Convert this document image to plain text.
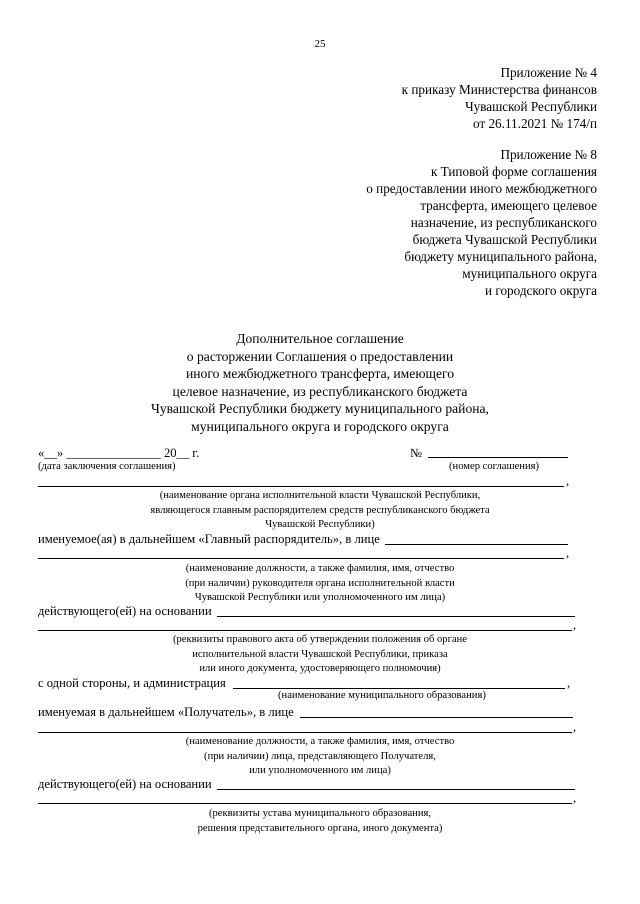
25
Приложение № 4
к приказу Министерства финансов
Чувашской Республики
от 26.11.2021 № 174/п
Приложение № 8
к Типовой форме соглашения
о предоставлении иного межбюджетного
трансферта, имеющего целевое
назначение, из республиканского
бюджета Чувашской Республики
бюджету муниципального района,
муниципального округа
и городского округа
Дополнительное соглашение
о расторжении Соглашения о предоставлении
иного межбюджетного трансферта, имеющего
целевое назначение, из республиканского бюджета
Чувашской Республики бюджету муниципального района,
муниципального округа и городского округа
«__» _______________ 20__ г.	№
(дата заключения соглашения)	(номер соглашения)
,
(наименование органа исполнительной власти Чувашской Республики,
являющегося главным распорядителем средств республиканского бюджета
Чувашской Республики)
именуемое(ая) в дальнейшем «Главный распорядитель», в лице
,
(наименование должности, а также фамилия, имя, отчество
(при наличии) руководителя органа исполнительной власти
Чувашской Республики или уполномоченного им лица)
действующего(ей) на основании
,
(реквизиты правового акта об утверждении положения об органе
исполнительной власти Чувашской Республики, приказа
или иного документа, удостоверяющего полномочия)
с одной стороны, и администрация	,
(наименование муниципального образования)
именуемая в дальнейшем «Получатель», в лице
,
(наименование должности, а также фамилия, имя, отчество
(при наличии) лица, представляющего Получателя,
или уполномоченного им лица)
действующего(ей) на основании
,
(реквизиты устава муниципального образования,
решения представительного органа, иного документа)
